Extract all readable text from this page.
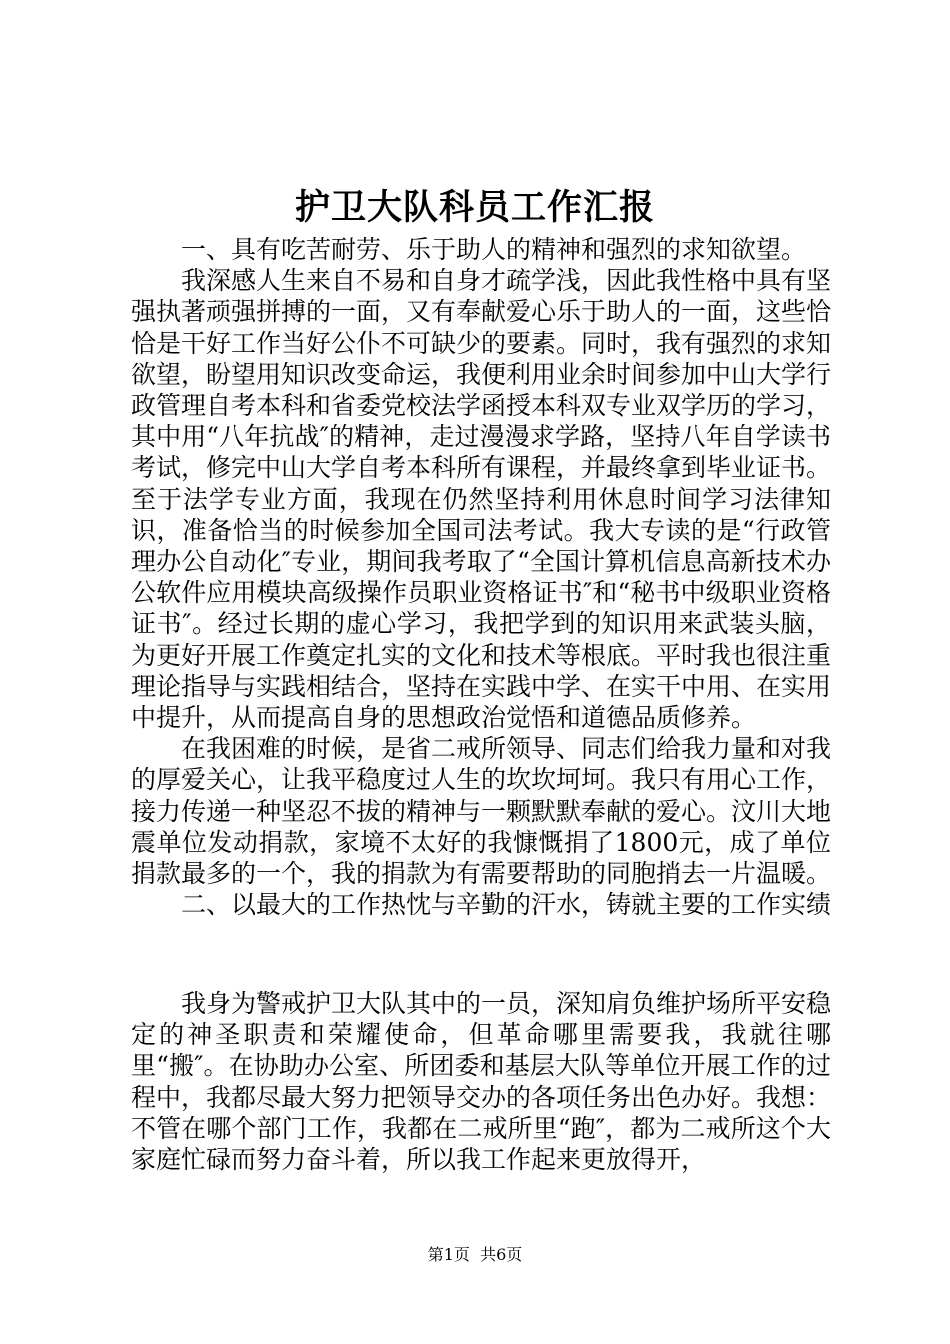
护卫大队科员工作汇报

一、具有吃苦耐劳、乐于助人的精神和强烈的求知欲望。

我深感人生来自不易和自身才疏学浅，因此我性格中具有坚强执著顽强拼搏的一面，又有奉献爱心乐于助人的一面，这些恰恰是干好工作当好公仆不可缺少的要素。同时，我有强烈的求知欲望，盼望用知识改变命运，我便利用业余时间参加中山大学行政管理自考本科和省委党校法学函授本科双专业双学历的学习，其中用“八年抗战″的精神，走过漫漫求学路，坚持八年自学读书考试，修完中山大学自考本科所有课程，并最终拿到毕业证书。至于法学专业方面，我现在仍然坚持利用休息时间学习法律知识，准备恰当的时候参加全国司法考试。我大专读的是“行政管理办公自动化″专业，期间我考取了“全国计算机信息高新技术办公软件应用模块高级操作员职业资格证书″和“秘书中级职业资格证书″。经过长期的虚心学习，我把学到的知识用来武装头脑，为更好开展工作奠定扎实的文化和技术等根底。平时我也很注重理论指导与实践相结合，坚持在实践中学、在实干中用、在实用中提升，从而提高自身的思想政治觉悟和道德品质修养。

在我困难的时候，是省二戒所领导、同志们给我力量和对我的厚爱关心，让我平稳度过人生的坎坎坷坷。我只有用心工作，接力传递一种坚忍不拔的精神与一颗默默奉献的爱心。汶川大地震单位发动捐款，家境不太好的我慷慨捐了1800元，成了单位捐款最多的一个，我的捐款为有需要帮助的同胞捎去一片温暖。

二、以最大的工作热忱与辛勤的汗水，铸就主要的工作实绩

我身为警戒护卫大队其中的一员，深知肩负维护场所平安稳定的神圣职责和荣耀使命，但革命哪里需要我，我就往哪里“搬″。在协助办公室、所团委和基层大队等单位开展工作的过程中，我都尽最大努力把领导交办的各项任务出色办好。我想：不管在哪个部门工作，我都在二戒所里“跑″，都为二戒所这个大家庭忙碌而努力奋斗着，所以我工作起来更放得开，

第1页  共6页
